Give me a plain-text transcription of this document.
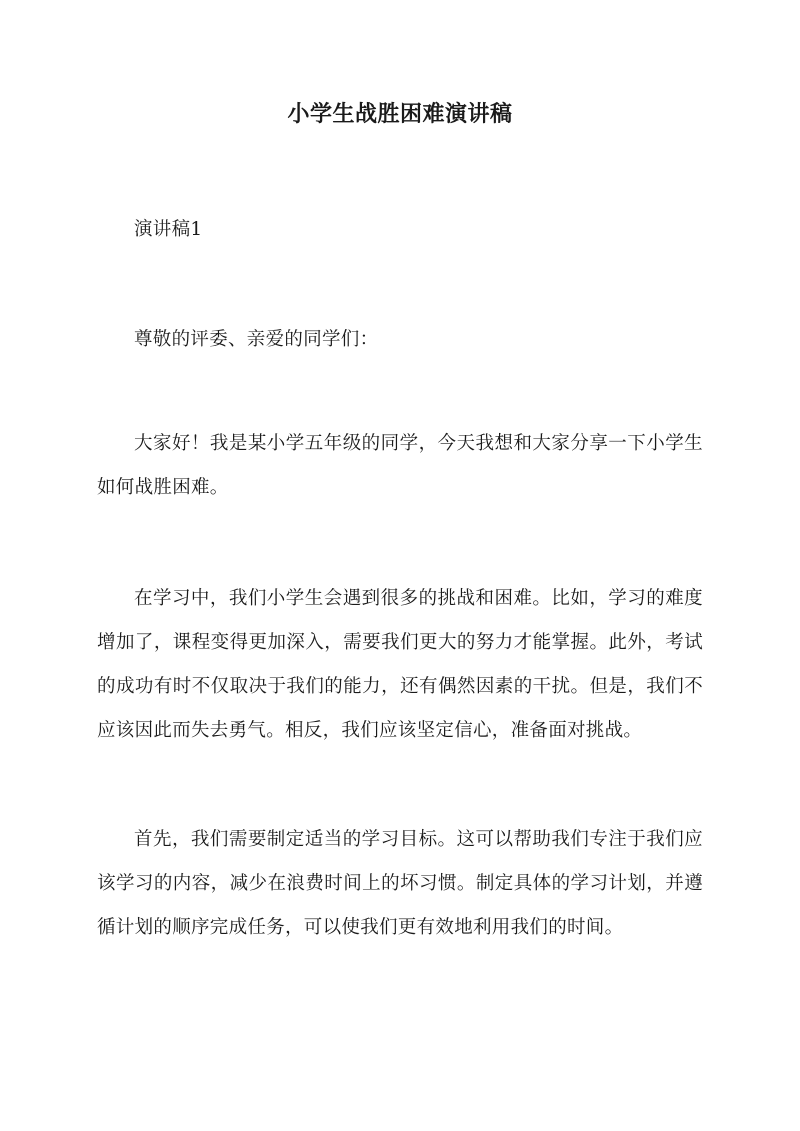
小学生战胜困难演讲稿

演讲稿1

尊敬的评委、亲爱的同学们：

大家好！我是某小学五年级的同学，今天我想和大家分享一下小学生如何战胜困难。

在学习中，我们小学生会遇到很多的挑战和困难。比如，学习的难度增加了，课程变得更加深入，需要我们更大的努力才能掌握。此外，考试的成功有时不仅取决于我们的能力，还有偶然因素的干扰。但是，我们不应该因此而失去勇气。相反，我们应该坚定信心，准备面对挑战。

首先，我们需要制定适当的学习目标。这可以帮助我们专注于我们应该学习的内容，减少在浪费时间上的坏习惯。制定具体的学习计划，并遵循计划的顺序完成任务，可以使我们更有效地利用我们的时间。
